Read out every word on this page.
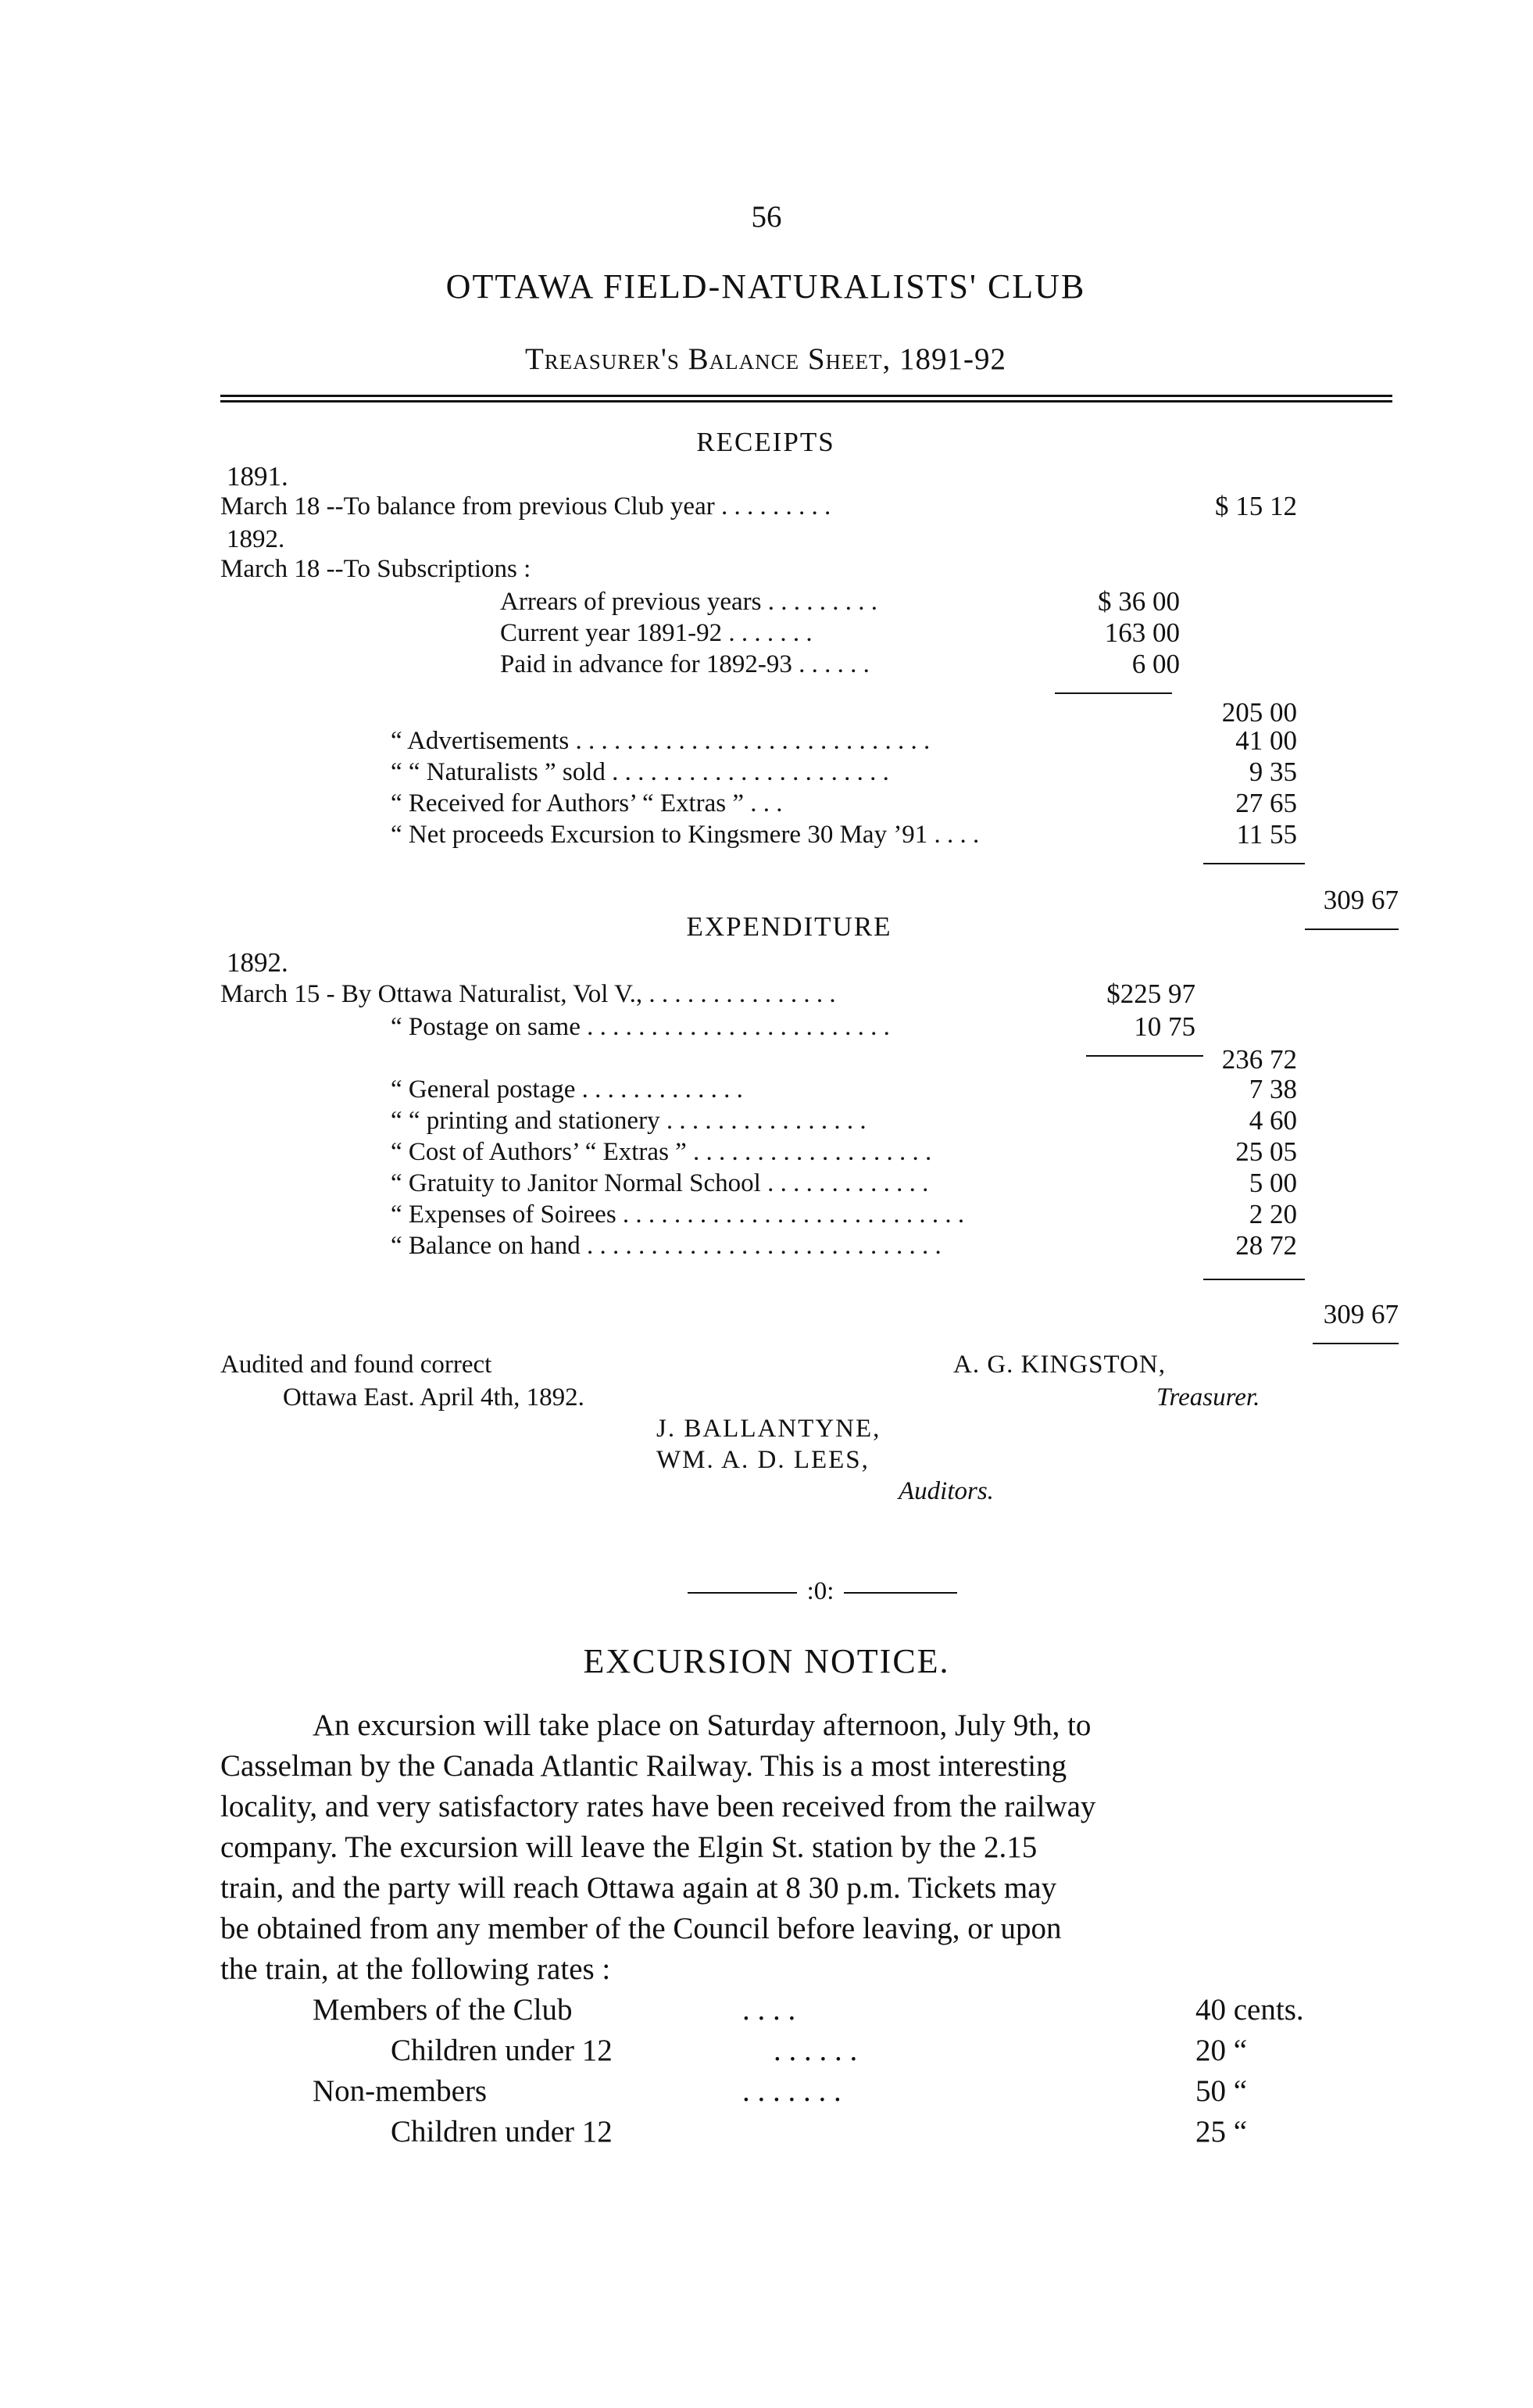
56
OTTAWA FIELD-NATURALISTS' CLUB
Treasurer's Balance Sheet, 1891-92
RECEIPTS
1891.
March 18 --To balance from previous Club year . . . . . . . . .	$ 15 12
1892.
March 18 --To Subscriptions :
Arrears of previous years . . . . . . . . .	$ 36 00
Current year 1891-92 . . . . . . .	163 00
Paid in advance for 1892-93 . . . . . .	6 00
205 00
“ Advertisements . . . . . . . . . . . . . . . . . . . . . . . . . . . .	41 00
“ “ Naturalists ” sold . . . . . . . . . . . . . . . . . . . . . .	9 35
“ Received for Authors’ “ Extras ” . . .	27 65
“ Net proceeds Excursion to Kingsmere 30 May ’91 . . . .	11 55
309 67
EXPENDITURE
1892.
March 15 - By Ottawa Naturalist, Vol V., . . . . . . . . . . . . . . .	$225 97
“ Postage on same . . . . . . . . . . . . . . . . . . . . . . . .	10 75
236 72
“ General postage . . . . . . . . . . . . .	7 38
“ “ printing and stationery . . . . . . . . . . . . . . . .	4 60
“ Cost of Authors’ “ Extras ” . . . . . . . . . . . . . . . . . . .	25 05
“ Gratuity to Janitor Normal School . . . . . . . . . . . . .	5 00
“ Expenses of Soirees . . . . . . . . . . . . . . . . . . . . . . . . . . .	2 20
“ Balance on hand . . . . . . . . . . . . . . . . . . . . . . . . . . . .	28 72
309 67
Audited and found correct	A. G. KINGSTON,
Ottawa East. April 4th, 1892.	Treasurer.
J. BALLANTYNE,
WM. A. D. LEES,
Auditors.
:0:
EXCURSION NOTICE.
An excursion will take place on Saturday afternoon, July 9th, to
Casselman by the Canada Atlantic Railway. This is a most interesting
locality, and very satisfactory rates have been received from the railway
company. The excursion will leave the Elgin St. station by the 2.15
train, and the party will reach Ottawa again at 8 30 p.m. Tickets may
be obtained from any member of the Council before leaving, or upon
the train, at the following rates :
Members of the Club	. . . .	40 cents.
Children under 12	. . . . . .	20 “
Non-members	. . . . . . .	50 “
Children under 12	25 “
